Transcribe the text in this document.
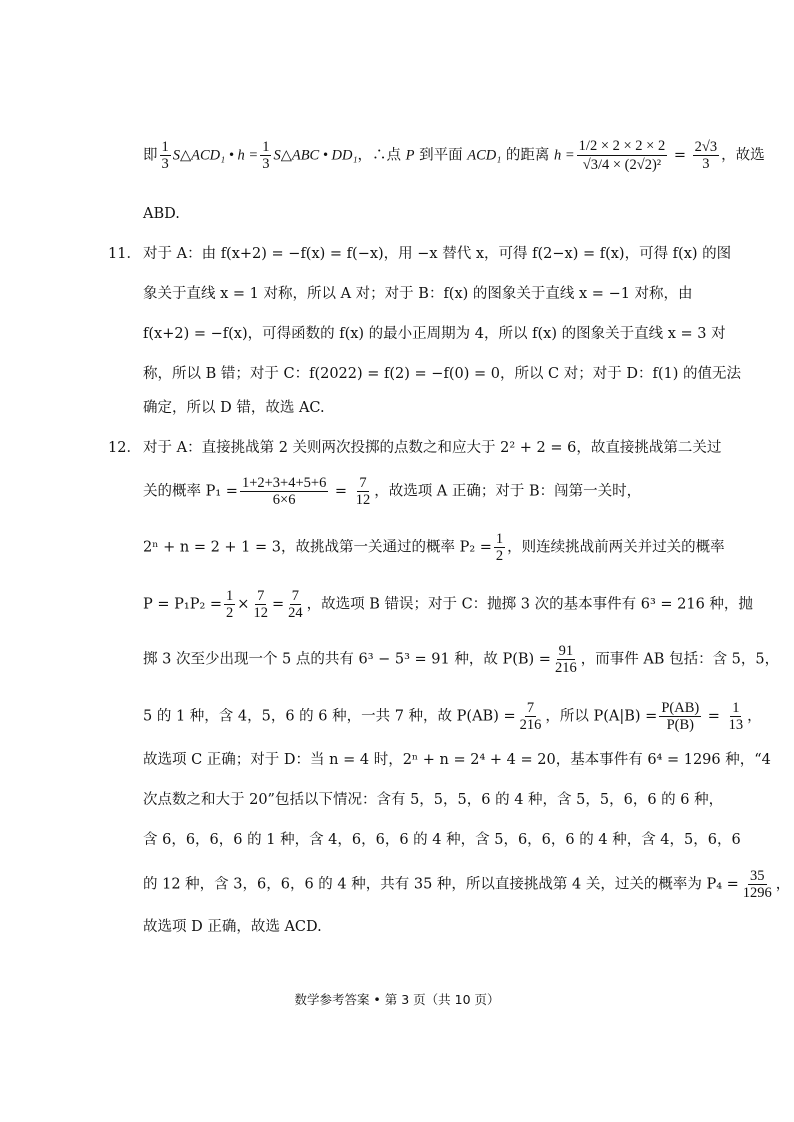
即 $\frac{1}{3}$ S△ACD₁ • $h = \frac{1}{3}$ S△ABC • DD₁，∴点 P 到平面 ACD₁ 的距离 $h = \frac{1/2 \times 2 \times 2 \times 2}{\text{√3/4 × (2√2)²}} = \frac{2√3}{3}$ ，故选
ABD.
11． 对于 A：由 f(x+2) = −f(x) = f(−x)，用 −x 替代 x，可得 f(2−x) = f(x)，可得 f(x) 的图
象关于直线 x = 1 对称，所以 A 对；对于 B：f(x) 的图象关于直线 x = −1 对称，由
f(x+2) = −f(x)，可得函数的 f(x) 的最小正周期为 4，所以 f(x) 的图象关于直线 x = 3 对
称，所以 B 错；对于 C：f(2022) = f(2) = −f(0) = 0，所以 C 对；对于 D：f(1) 的值无法
确定，所以 D 错，故选 AC.
12． 对于 A：直接挑战第 2 关则两次投掷的点数之和应大于 2² + 2 = 6，故直接挑战第二关过
关的概率 $P_1 = \frac{1+2+3+4+5+6}{6\times 6} = \frac{7}{12}$ ，故选项 A 正确；对于 B：闯第一关时，
2ⁿ + n = 2 + 1 = 3，故挑战第一关通过的概率 $P_2 = \frac{1}{2}$ ，则连续挑战前两关并过关的概率
$P = P_1P_2 = \frac{1}{2} \times \frac{7}{12} = \frac{7}{24}$ ，故选项 B 错误；对于 C：抛掷 3 次的基本事件有 6³ = 216 种，抛
掷 3 次至少出现一个 5 点的共有 6³ − 5³ = 91 种，故 $P(B) = \frac{91}{216}$ ，而事件 AB 包括：含 5，5，
5 的 1 种，含 4，5，6 的 6 种，一共 7 种，故 $P(AB) = \frac{7}{216}$ ，所以 $P(A|B) = \frac{P(AB)}{P(B)} = \frac{1}{13}$ ，
故选项 C 正确；对于 D：当 n = 4 时，2ⁿ + n = 2⁴ + 4 = 20，基本事件有 6⁴ = 1296 种，“4
次点数之和大于 20”包括以下情况：含有 5，5，5，6 的 4 种，含 5，5，6，6 的 6 种，
含 6，6，6，6 的 1 种，含 4，6，6，6 的 4 种，含 5，6，6，6 的 4 种，含 4，5，6，6
的 12 种，含 3，6，6，6 的 4 种，共有 35 种，所以直接挑战第 4 关，过关的概率为 $P_4 = \frac{35}{1296}$ ，
故选项 D 正确，故选 ACD.
数学参考答案 • 第 3 页（共 10 页）
